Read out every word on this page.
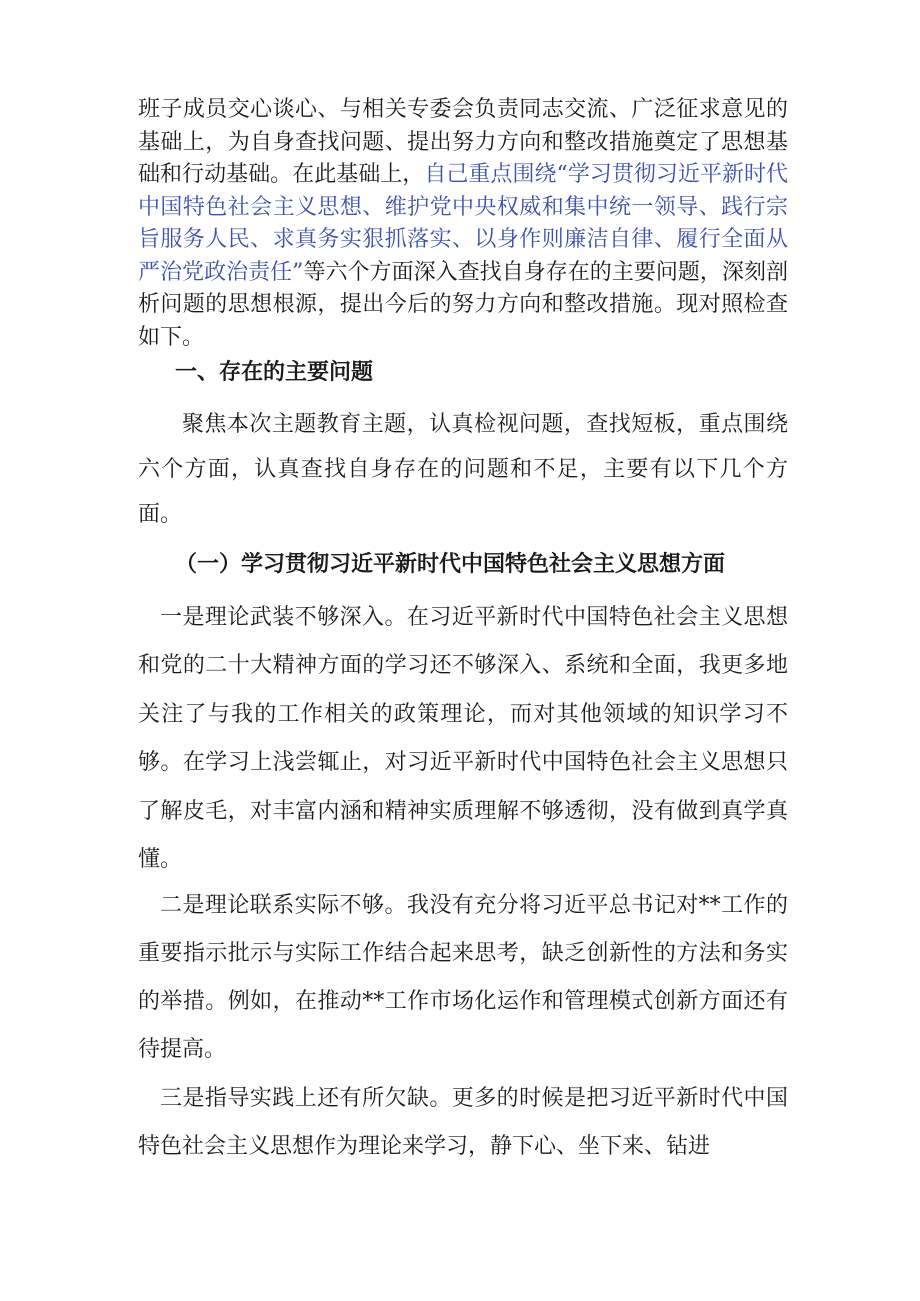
班子成员交心谈心、与相关专委会负责同志交流、广泛征求意见的基础上，为自身查找问题、提出努力方向和整改措施奠定了思想基础和行动基础。在此基础上，自己重点围绕“学习贯彻习近平新时代中国特色社会主义思想、维护党中央权威和集中统一领导、践行宗旨服务人民、求真务实狠抓落实、以身作则廉洁自律、履行全面从严治党政治责任”等六个方面深入查找自身存在的主要问题，深刻剖析问题的思想根源，提出今后的努力方向和整改措施。现对照检查如下。

一、存在的主要问题

聚焦本次主题教育主题，认真检视问题，查找短板，重点围绕六个方面，认真查找自身存在的问题和不足，主要有以下几个方面。

（一）学习贯彻习近平新时代中国特色社会主义思想方面

一是理论武装不够深入。在习近平新时代中国特色社会主义思想和党的二十大精神方面的学习还不够深入、系统和全面，我更多地关注了与我的工作相关的政策理论，而对其他领域的知识学习不够。在学习上浅尝辄止，对习近平新时代中国特色社会主义思想只了解皮毛，对丰富内涵和精神实质理解不够透彻，没有做到真学真懂。

二是理论联系实际不够。我没有充分将习近平总书记对**工作的重要指示批示与实际工作结合起来思考，缺乏创新性的方法和务实的举措。例如，在推动**工作市场化运作和管理模式创新方面还有待提高。

三是指导实践上还有所欠缺。更多的时候是把习近平新时代中国特色社会主义思想作为理论来学习，静下心、坐下来、钻进
